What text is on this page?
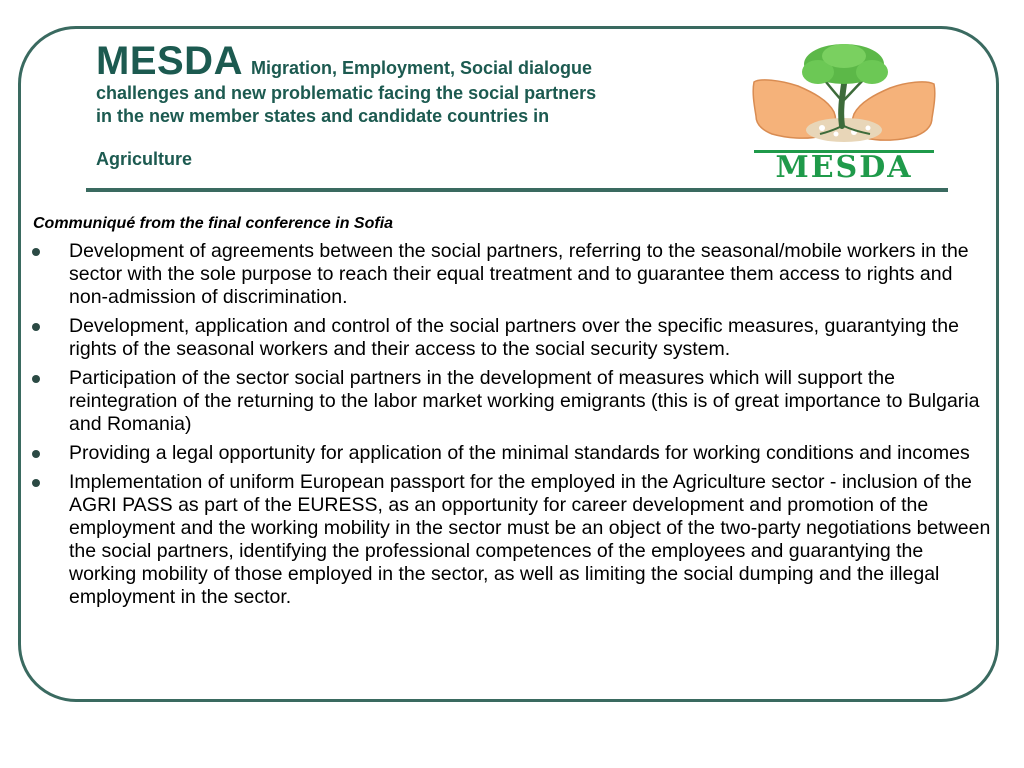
MESDA Migration, Employment, Social dialogue
challenges and new problematic facing the social partners
in the new member states and candidate countries in
Agriculture	MESDA
Communiqué from the final conference in Sofia
Development of agreements between the social partners, referring to the seasonal/mobile workers in the sector with the sole purpose to reach their equal treatment and to guarantee them access to rights and non-admission of discrimination.
Development, application and control of the social partners over the specific measures, guarantying the rights of the seasonal workers and their access to the social security system.
Participation of the sector social partners in the development of measures which will support the reintegration of the returning to the labor market working emigrants (this is of great importance to Bulgaria and Romania)
Providing a legal opportunity for application of the minimal standards for working conditions and incomes
Implementation of uniform European passport for the employed in the Agriculture sector - inclusion of the AGRI PASS as part of the EURESS, as an opportunity for career development and promotion of the employment and the working mobility in the sector must be an object of the two-party negotiations between the social partners, identifying the professional competences of the employees and guarantying the working mobility of those employed in the sector, as well as limiting the social dumping and the illegal employment in the sector.
